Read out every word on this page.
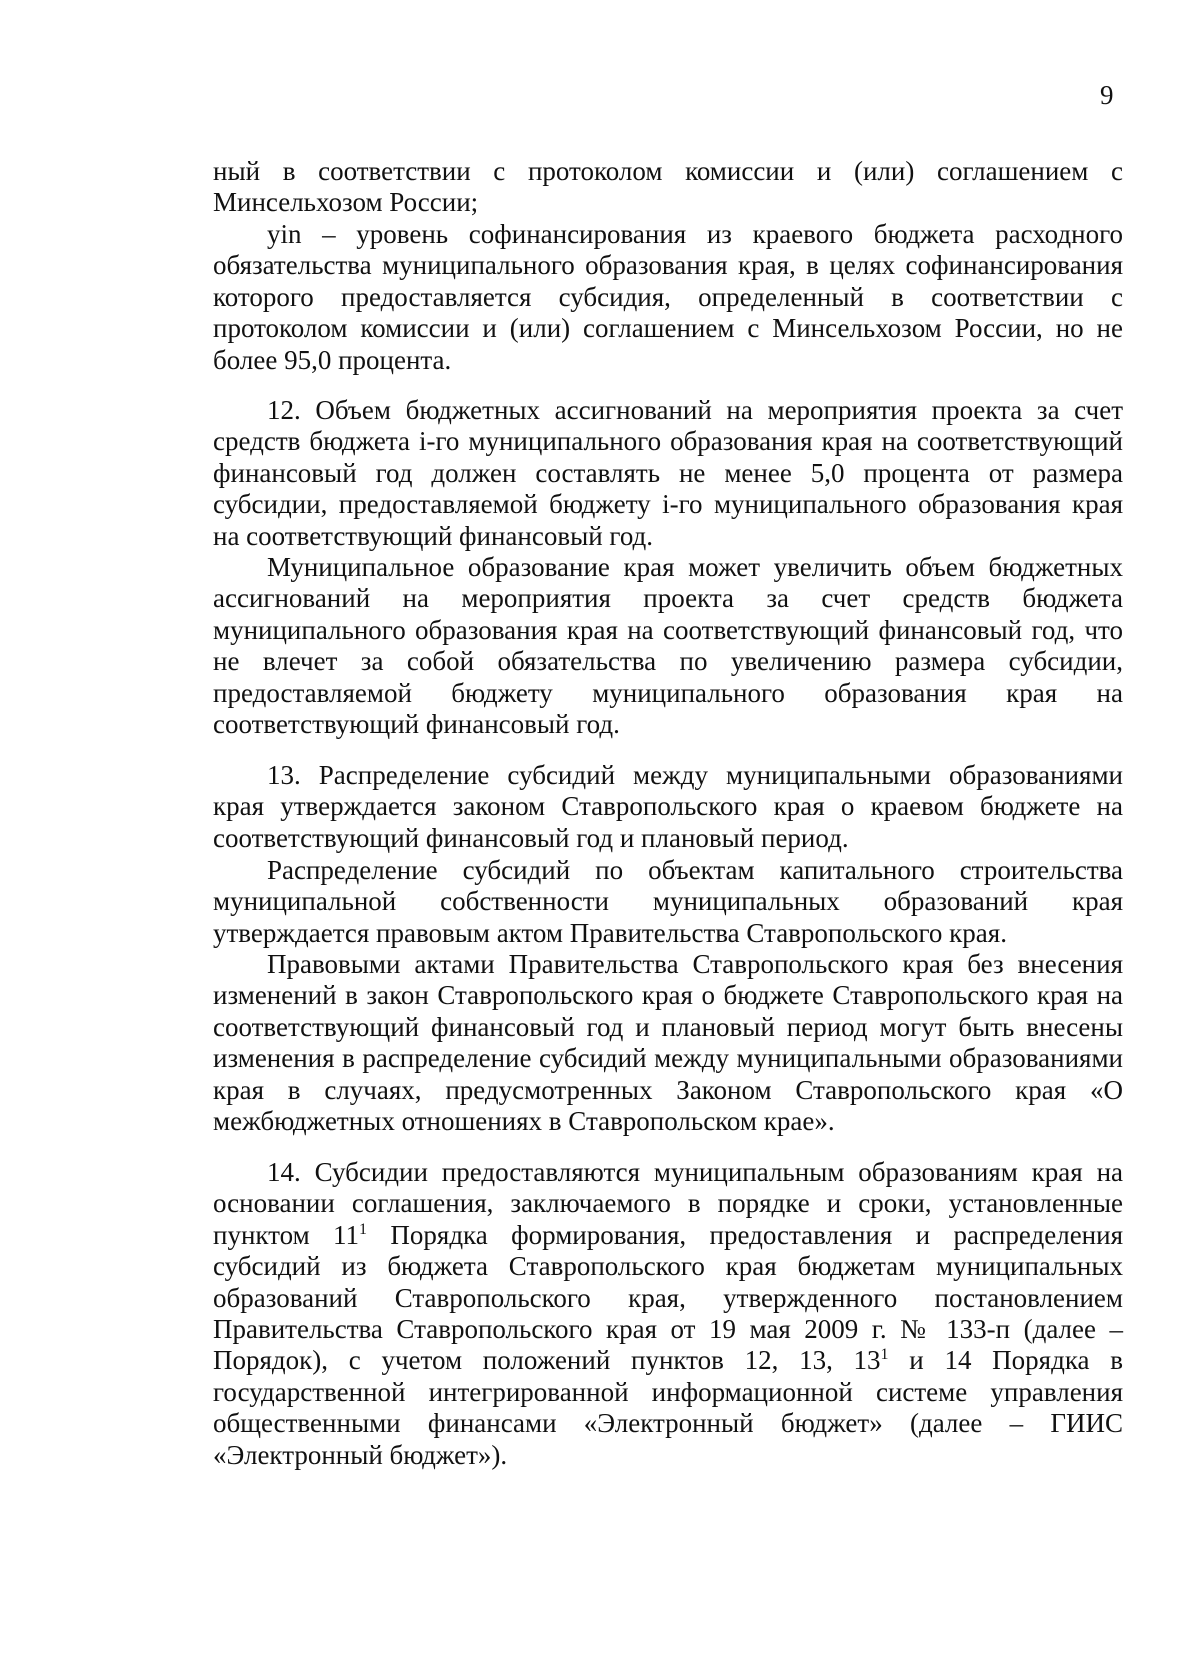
9

ный в соответствии с протоколом комиссии и (или) соглашением с Минсельхозом России;

уin – уровень софинансирования из краевого бюджета расходного обязательства муниципального образования края, в целях софинансирования которого предоставляется субсидия, определенный в соответствии с протоколом комиссии и (или) соглашением с Минсельхозом России, но не более 95,0 процента.

12. Объем бюджетных ассигнований на мероприятия проекта за счет средств бюджета i-го муниципального образования края на соответствующий финансовый год должен составлять не менее 5,0 процента от размера субсидии, предоставляемой бюджету i-го муниципального образования края на соответствующий финансовый год.

Муниципальное образование края может увеличить объем бюджетных ассигнований на мероприятия проекта за счет средств бюджета муниципального образования края на соответствующий финансовый год, что не влечет за собой обязательства по увеличению размера субсидии, предоставляемой бюджету муниципального образования края на соответствующий финансовый год.

13. Распределение субсидий между муниципальными образованиями края утверждается законом Ставропольского края о краевом бюджете на соответствующий финансовый год и плановый период.

Распределение субсидий по объектам капитального строительства муниципальной собственности муниципальных образований края утверждается правовым актом Правительства Ставропольского края.

Правовыми актами Правительства Ставропольского края без внесения изменений в закон Ставропольского края о бюджете Ставропольского края на соответствующий финансовый год и плановый период могут быть внесены изменения в распределение субсидий между муниципальными образованиями края в случаях, предусмотренных Законом Ставропольского края «О межбюджетных отношениях в Ставропольском крае».

14. Субсидии предоставляются муниципальным образованиям края на основании соглашения, заключаемого в порядке и сроки, установленные пунктом $11^1$ Порядка формирования, предоставления и распределения субсидий из бюджета Ставропольского края бюджетам муниципальных образований Ставропольского края, утвержденного постановлением Правительства Ставропольского края от 19 мая 2009 г. № 133-п (далее – Порядок), с учетом положений пунктов 12, 13, $13^1$ и 14 Порядка в государственной интегрированной информационной системе управления общественными финансами «Электронный бюджет» (далее – ГИИС «Электронный бюджет»).
